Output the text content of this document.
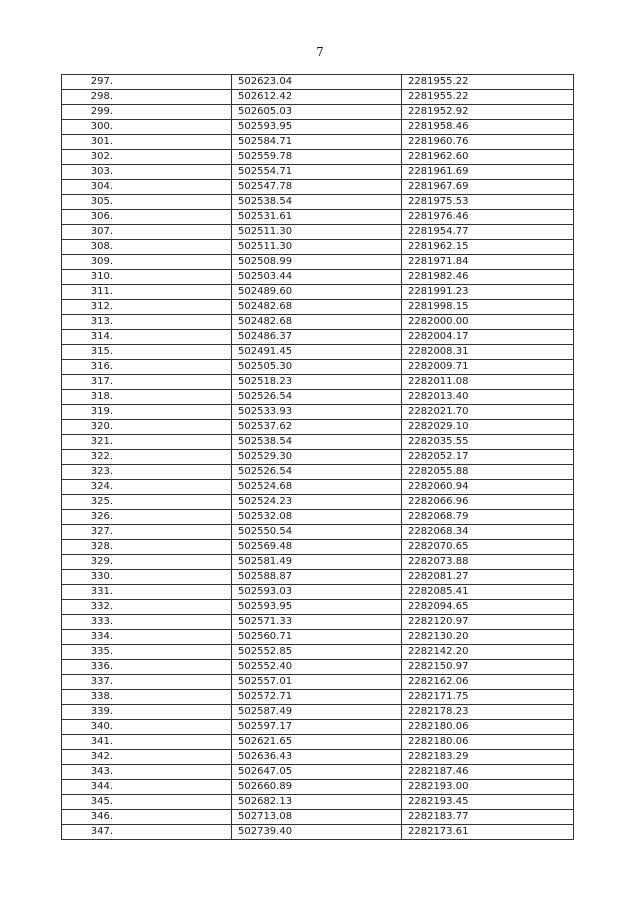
7
297.	502623.04	2281955.22
298.	502612.42	2281955.22
299.	502605.03	2281952.92
300.	502593.95	2281958.46
301.	502584.71	2281960.76
302.	502559.78	2281962.60
303.	502554.71	2281961.69
304.	502547.78	2281967.69
305.	502538.54	2281975.53
306.	502531.61	2281976.46
307.	502511.30	2281954.77
308.	502511.30	2281962.15
309.	502508.99	2281971.84
310.	502503.44	2281982.46
311.	502489.60	2281991.23
312.	502482.68	2281998.15
313.	502482.68	2282000.00
314.	502486.37	2282004.17
315.	502491.45	2282008.31
316.	502505.30	2282009.71
317.	502518.23	2282011.08
318.	502526.54	2282013.40
319.	502533.93	2282021.70
320.	502537.62	2282029.10
321.	502538.54	2282035.55
322.	502529.30	2282052.17
323.	502526.54	2282055.88
324.	502524.68	2282060.94
325.	502524.23	2282066.96
326.	502532.08	2282068.79
327.	502550.54	2282068.34
328.	502569.48	2282070.65
329.	502581.49	2282073.88
330.	502588.87	2282081.27
331.	502593.03	2282085.41
332.	502593.95	2282094.65
333.	502571.33	2282120.97
334.	502560.71	2282130.20
335.	502552.85	2282142.20
336.	502552.40	2282150.97
337.	502557.01	2282162.06
338.	502572.71	2282171.75
339.	502587.49	2282178.23
340.	502597.17	2282180.06
341.	502621.65	2282180.06
342.	502636.43	2282183.29
343.	502647.05	2282187.46
344.	502660.89	2282193.00
345.	502682.13	2282193.45
346.	502713.08	2282183.77
347.	502739.40	2282173.61
